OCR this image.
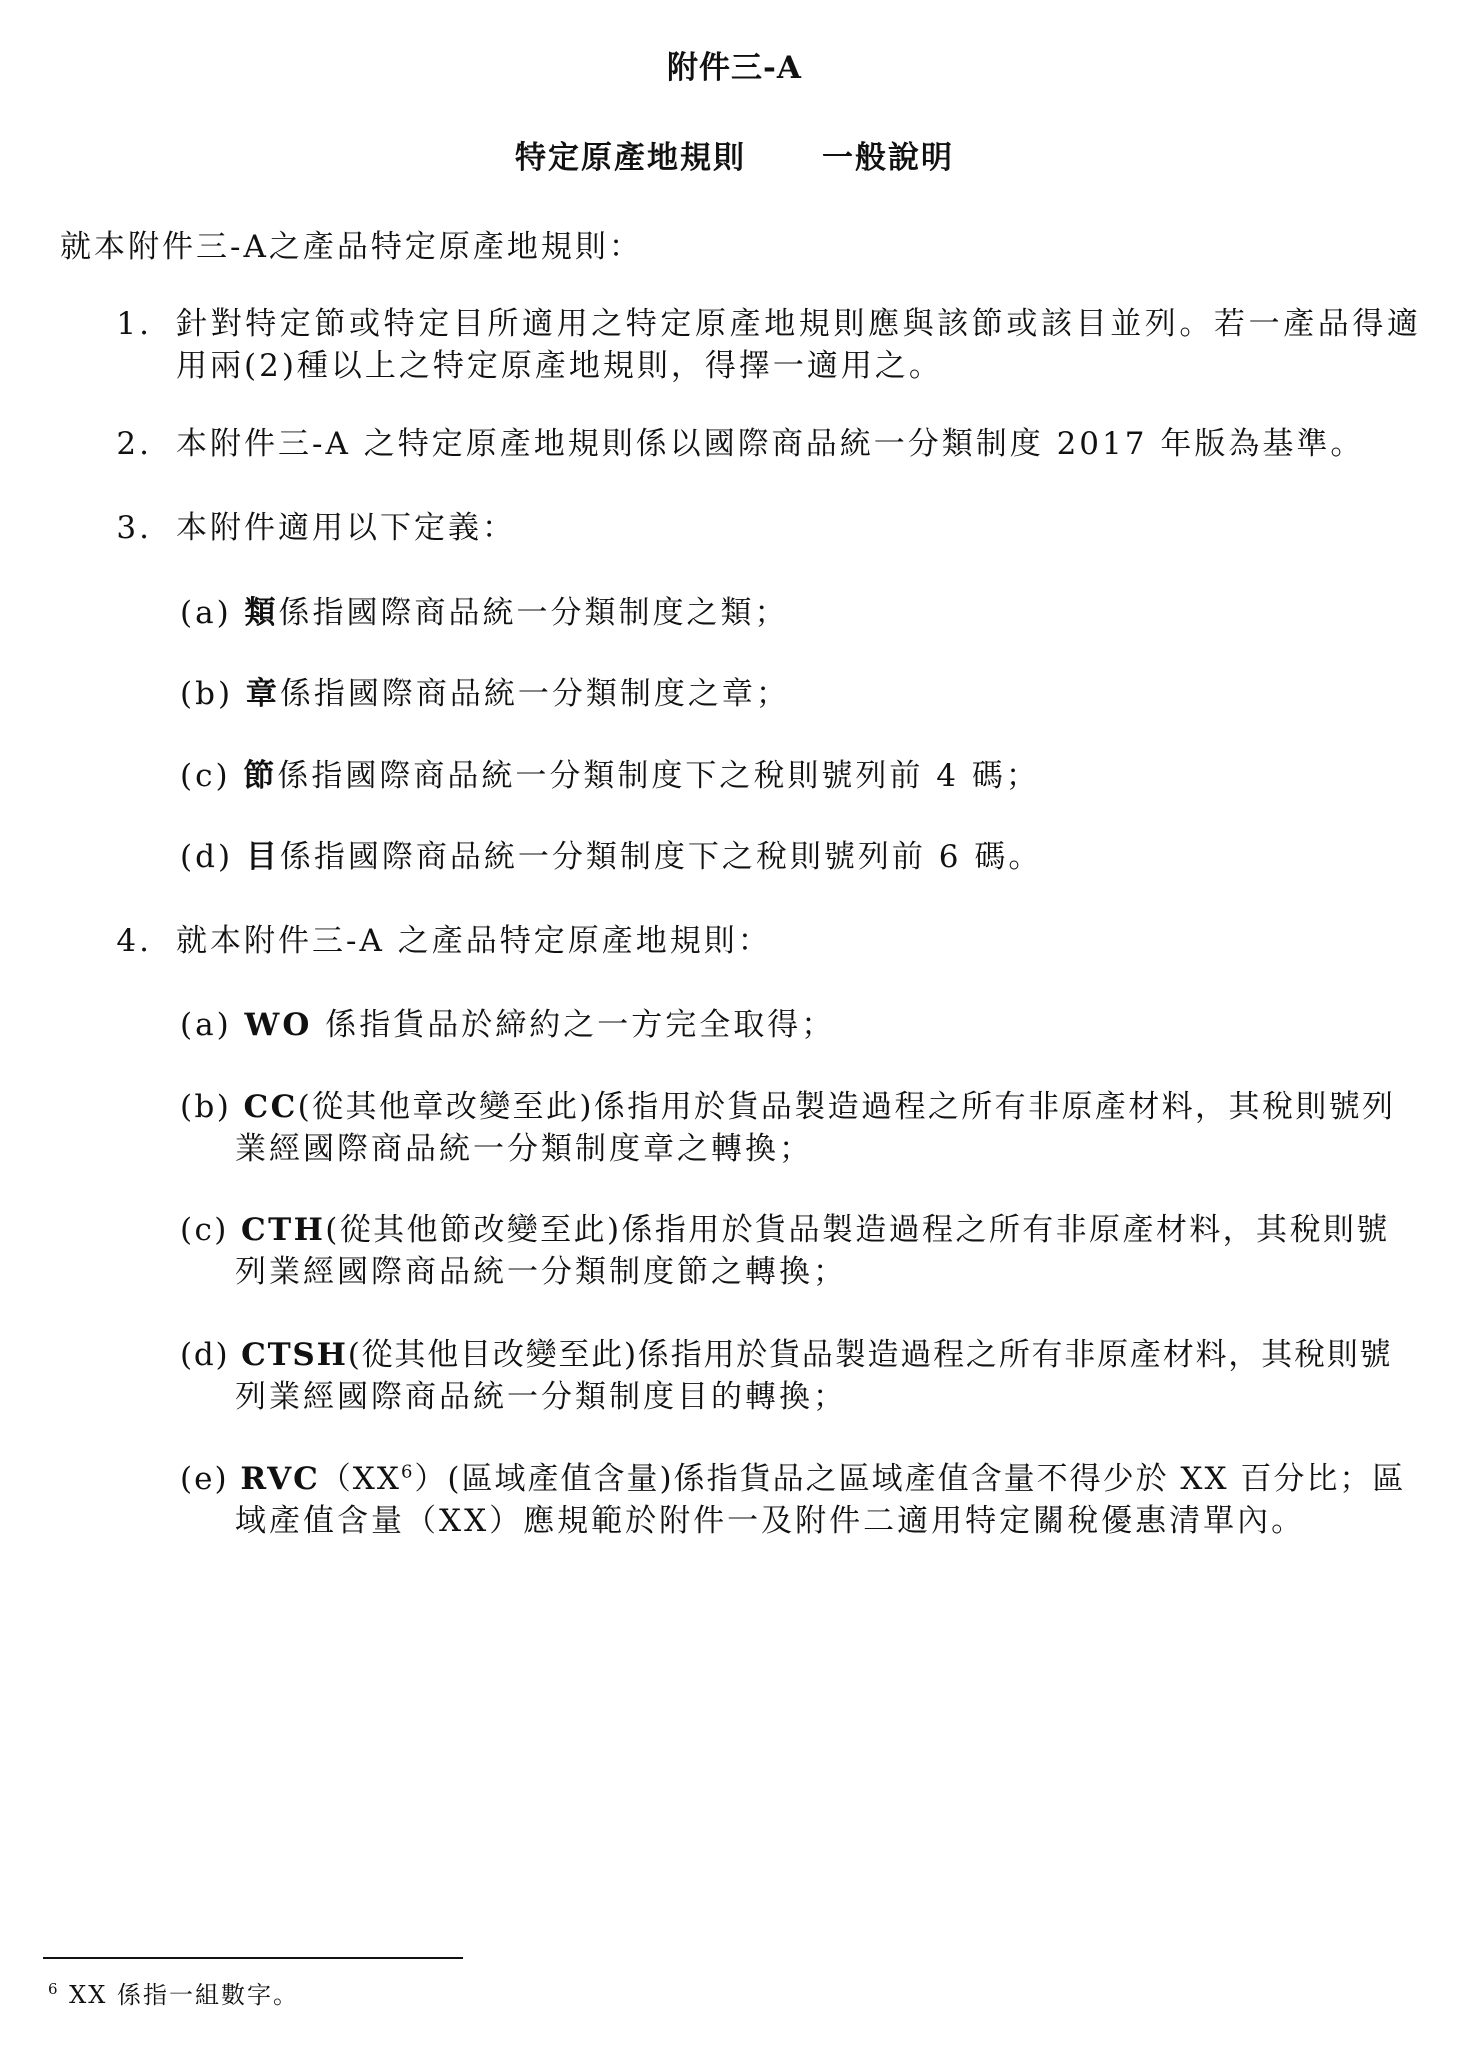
附件三-A
特定原產地規則 一般說明
就本附件三-A之產品特定原產地規則：
1. 針對特定節或特定目所適用之特定原產地規則應與該節或該目並列。若一產品得適
用兩(2)種以上之特定原產地規則，得擇一適用之。
2. 本附件三-A 之特定原產地規則係以國際商品統一分類制度 2017 年版為基準。
3. 本附件適用以下定義：
(a) 類係指國際商品統一分類制度之類；
(b) 章係指國際商品統一分類制度之章；
(c) 節係指國際商品統一分類制度下之稅則號列前 4 碼；
(d) 目係指國際商品統一分類制度下之稅則號列前 6 碼。
4. 就本附件三-A 之產品特定原產地規則：
(a) WO 係指貨品於締約之一方完全取得；
(b) CC(從其他章改變至此)係指用於貨品製造過程之所有非原產材料，其稅則號列
業經國際商品統一分類制度章之轉換；
(c) CTH(從其他節改變至此)係指用於貨品製造過程之所有非原產材料，其稅則號
列業經國際商品統一分類制度節之轉換；
(d) CTSH(從其他目改變至此)係指用於貨品製造過程之所有非原產材料，其稅則號
列業經國際商品統一分類制度目的轉換；
(e) $RVC(XX^6)$(區域產值含量)係指貨品之區域產值含量不得少於 XX 百分比；區
域產值含量（XX）應規範於附件一及附件二適用特定關稅優惠清單內。
$^6$ XX 係指一組數字。
